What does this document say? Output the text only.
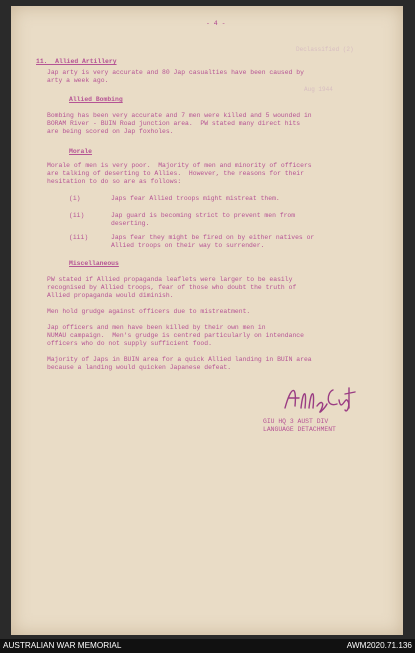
- 4 -
Declassified (2)
Aug 1944
11.  Allied Artillery
Jap arty is very accurate and 80 Jap casualties have been caused by
arty a week ago.
Allied Bombing
Bombing has been very accurate and 7 men were killed and 5 wounded in
BORAM River - BUIN Road junction area.  PW stated many direct hits
are being scored on Jap foxholes.
Morale
Morale of men is very poor.  Majority of men and minority of officers
are talking of deserting to Allies.  However, the reasons for their
hesitation to do so are as follows:
(i)	Japs fear Allied troops might mistreat them.
(ii)	Jap guard is becoming strict to prevent men from
deserting.
(iii)	Japs fear they might be fired on by either natives or
Allied troops on their way to surrender.
Miscellaneous
PW stated if Allied propaganda leaflets were larger to be easily
recognised by Allied troops, fear of those who doubt the truth of
Allied propaganda would diminish.
Men hold grudge against officers due to mistreatment.
Jap officers and men have been killed by their own men in
NUMAU campaign.  Men's grudge is centred particularly on intendance
officers who do not supply sufficient food.
Majority of Japs in BUIN area for a quick Allied landing in BUIN area
because a landing would quicken Japanese defeat.
GIU HQ 3 AUST DIV
LANGUAGE DETACHMENT
AUSTRALIAN WAR MEMORIAL	AWM2020.71.136
